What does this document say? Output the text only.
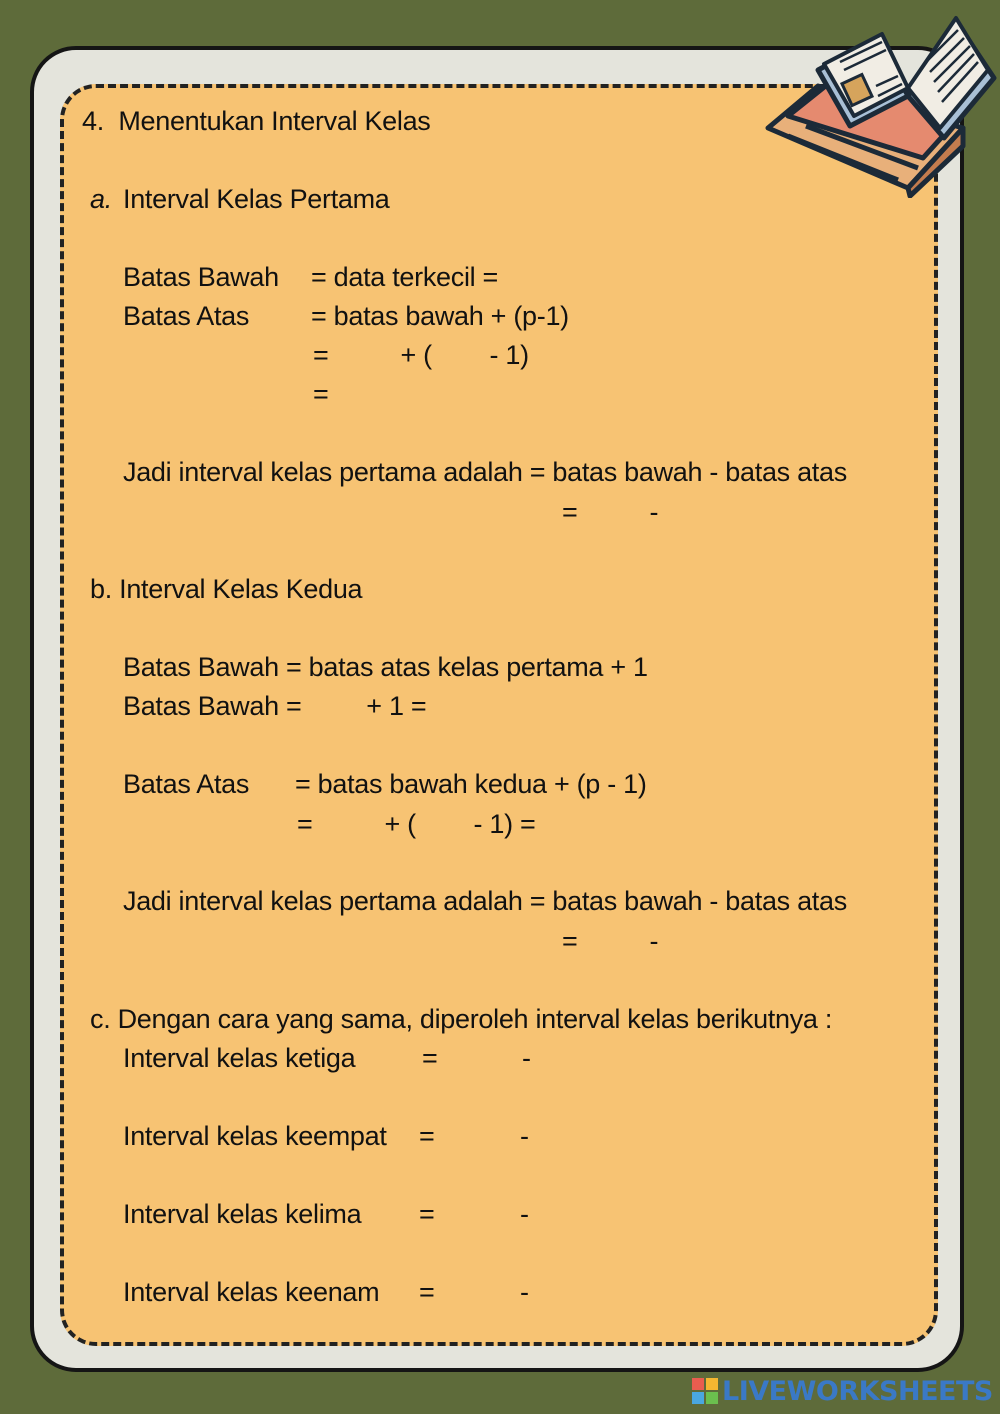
4.  Menentukan Interval Kelas
a. Interval Kelas Pertama
Batas Bawah = data terkecil =
Batas Atas = batas bawah + (p-1)
=          + (        - 1)
=
Jadi interval kelas pertama adalah = batas bawah - batas atas
=          -
b. Interval Kelas Kedua
Batas Bawah = batas atas kelas pertama + 1
Batas Bawah =         + 1 =
Batas Atas = batas bawah kedua + (p - 1)
=          + (        - 1) =
Jadi interval kelas pertama adalah = batas bawah - batas atas
=          -
c. Dengan cara yang sama, diperoleh interval kelas berikutnya :
Interval kelas ketiga =	-
Interval kelas keempat =	-
Interval kelas kelima =	-
Interval kelas keenam =	-
LIVEWORKSHEETS
